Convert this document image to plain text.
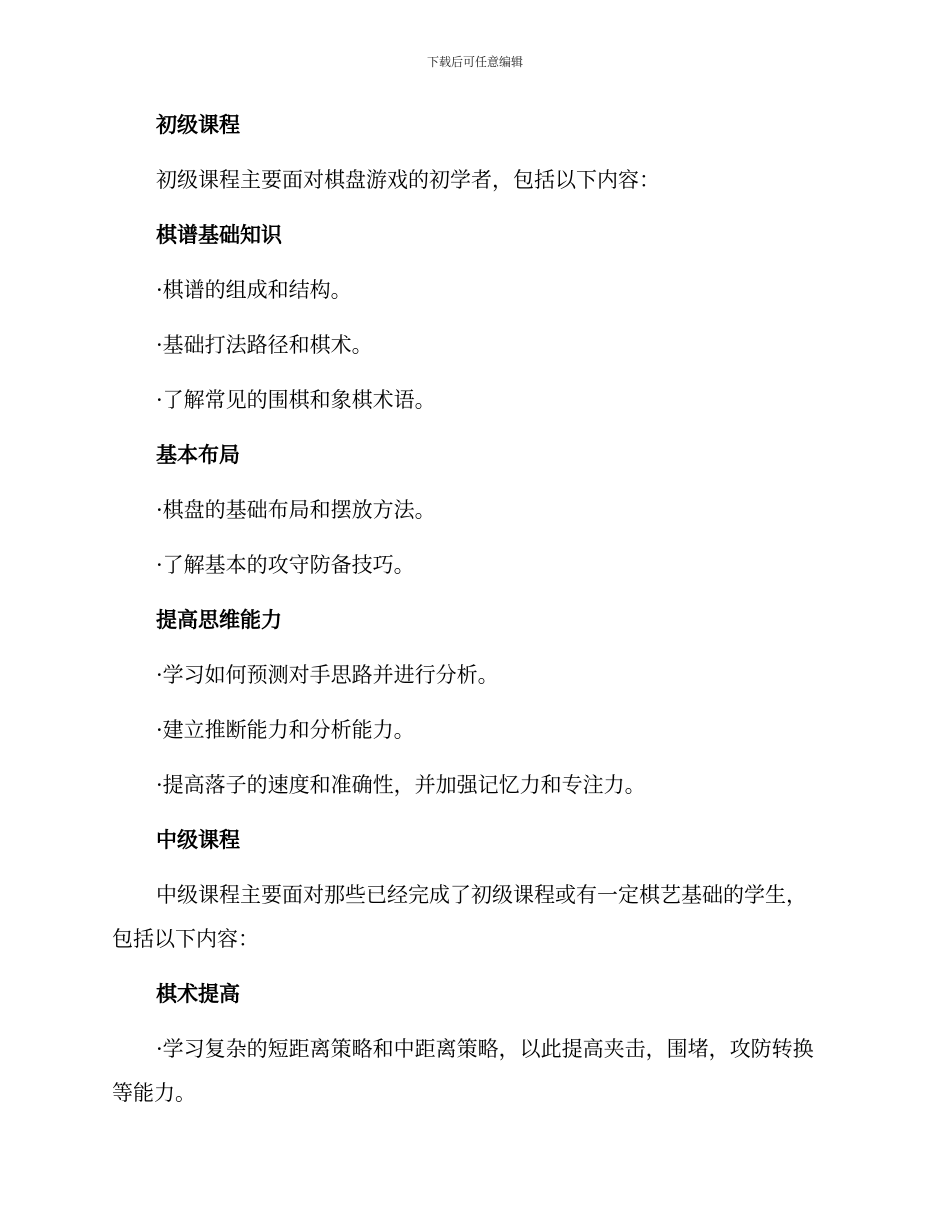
下载后可任意编辑
初级课程
初级课程主要面对棋盘游戏的初学者，包括以下内容：
棋谱基础知识
·棋谱的组成和结构。
·基础打法路径和棋术。
·了解常见的围棋和象棋术语。
基本布局
·棋盘的基础布局和摆放方法。
·了解基本的攻守防备技巧。
提高思维能力
·学习如何预测对手思路并进行分析。
·建立推断能力和分析能力。
·提高落子的速度和准确性，并加强记忆力和专注力。
中级课程
中级课程主要面对那些已经完成了初级课程或有一定棋艺基础的学生，包括以下内容：
棋术提高
·学习复杂的短距离策略和中距离策略，以此提高夹击，围堵，攻防转换等能力。
